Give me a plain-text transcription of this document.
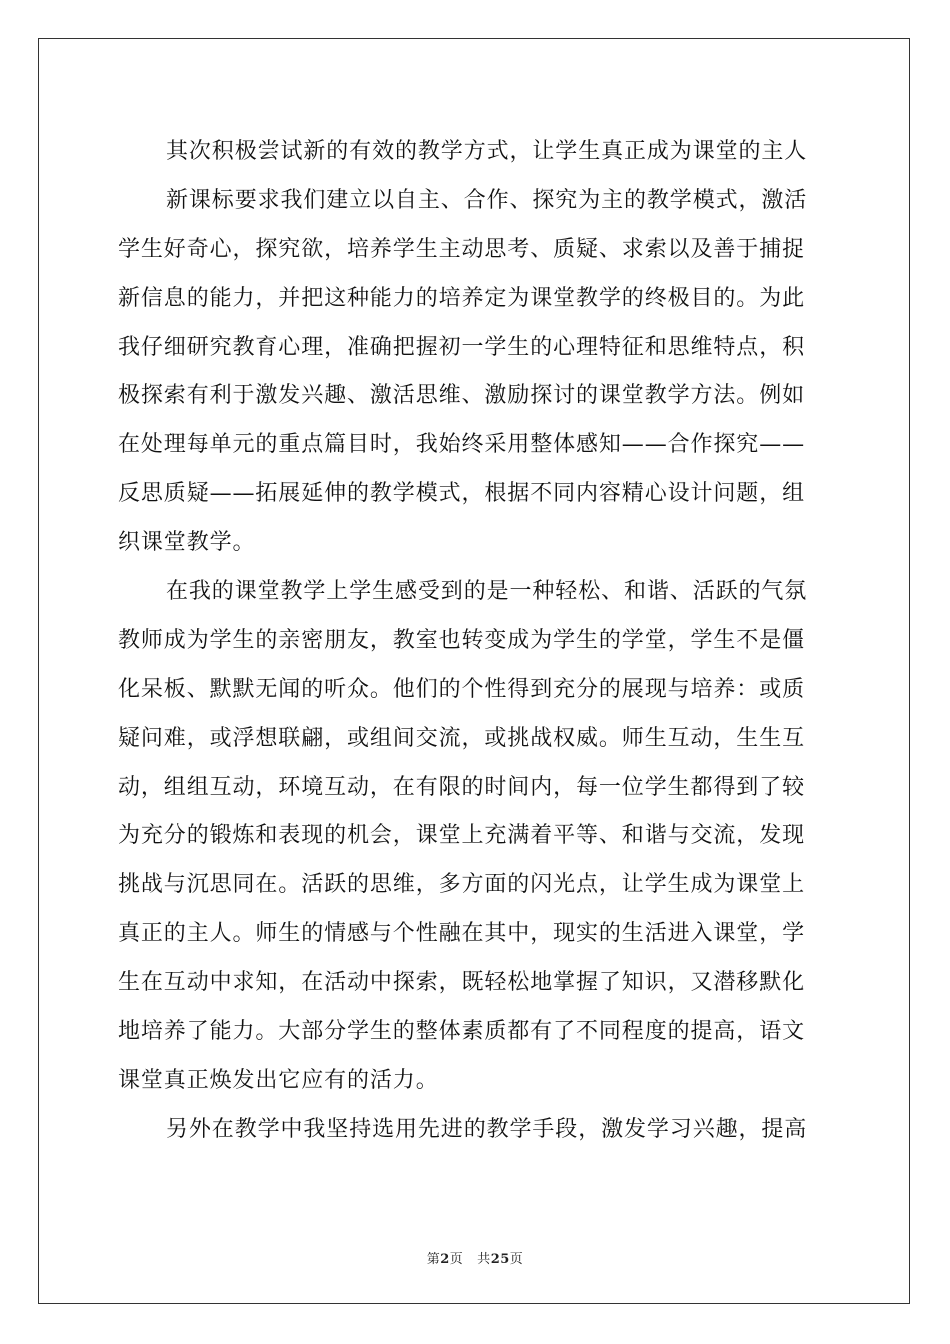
其次积极尝试新的有效的教学方式，让学生真正成为课堂的主人
新课标要求我们建立以自主、合作、探究为主的教学模式，激活
学生好奇心，探究欲，培养学生主动思考、质疑、求索以及善于捕捉
新信息的能力，并把这种能力的培养定为课堂教学的终极目的。为此
我仔细研究教育心理，准确把握初一学生的心理特征和思维特点，积
极探索有利于激发兴趣、激活思维、激励探讨的课堂教学方法。例如
在处理每单元的重点篇目时，我始终采用整体感知——合作探究——
反思质疑——拓展延伸的教学模式，根据不同内容精心设计问题，组
织课堂教学。
在我的课堂教学上学生感受到的是一种轻松、和谐、活跃的气氛
教师成为学生的亲密朋友，教室也转变成为学生的学堂，学生不是僵
化呆板、默默无闻的听众。他们的个性得到充分的展现与培养：或质
疑问难，或浮想联翩，或组间交流，或挑战权威。师生互动，生生互
动，组组互动，环境互动，在有限的时间内，每一位学生都得到了较
为充分的锻炼和表现的机会，课堂上充满着平等、和谐与交流，发现
挑战与沉思同在。活跃的思维，多方面的闪光点，让学生成为课堂上
真正的主人。师生的情感与个性融在其中，现实的生活进入课堂，学
生在互动中求知，在活动中探索，既轻松地掌握了知识，又潜移默化
地培养了能力。大部分学生的整体素质都有了不同程度的提高，语文
课堂真正焕发出它应有的活力。
另外在教学中我坚持选用先进的教学手段，激发学习兴趣，提高
第2页 共25页
